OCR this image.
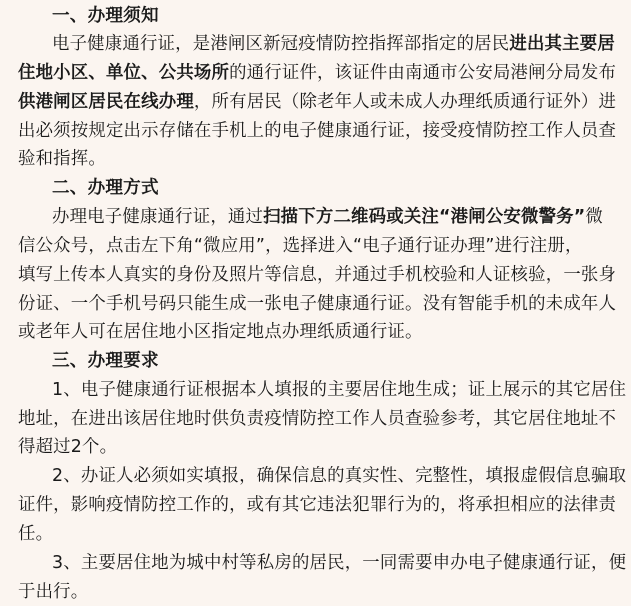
一、办理须知
电子健康通行证，是港闸区新冠疫情防控指挥部指定的居民进出其主要居
住地小区、单位、公共场所的通行证件，该证件由南通市公安局港闸分局发布
供港闸区居民在线办理，所有居民（除老年人或未成人办理纸质通行证外）进
出必须按规定出示存储在手机上的电子健康通行证，接受疫情防控工作人员查
验和指挥。
二、办理方式
办理电子健康通行证，通过扫描下方二维码或关注“港闸公安微警务”微
信公众号，点击左下角“微应用”，选择进入“电子通行证办理”进行注册，
填写上传本人真实的身份及照片等信息，并通过手机校验和人证核验，一张身
份证、一个手机号码只能生成一张电子健康通行证。没有智能手机的未成年人
或老年人可在居住地小区指定地点办理纸质通行证。
三、办理要求
1、电子健康通行证根据本人填报的主要居住地生成；证上展示的其它居住
地址，在进出该居住地时供负责疫情防控工作人员查验参考，其它居住地址不
得超过2个。
2、办证人必须如实填报，确保信息的真实性、完整性，填报虚假信息骗取
证件，影响疫情防控工作的，或有其它违法犯罪行为的，将承担相应的法律责
任。
3、主要居住地为城中村等私房的居民，一同需要申办电子健康通行证，便
于出行。
